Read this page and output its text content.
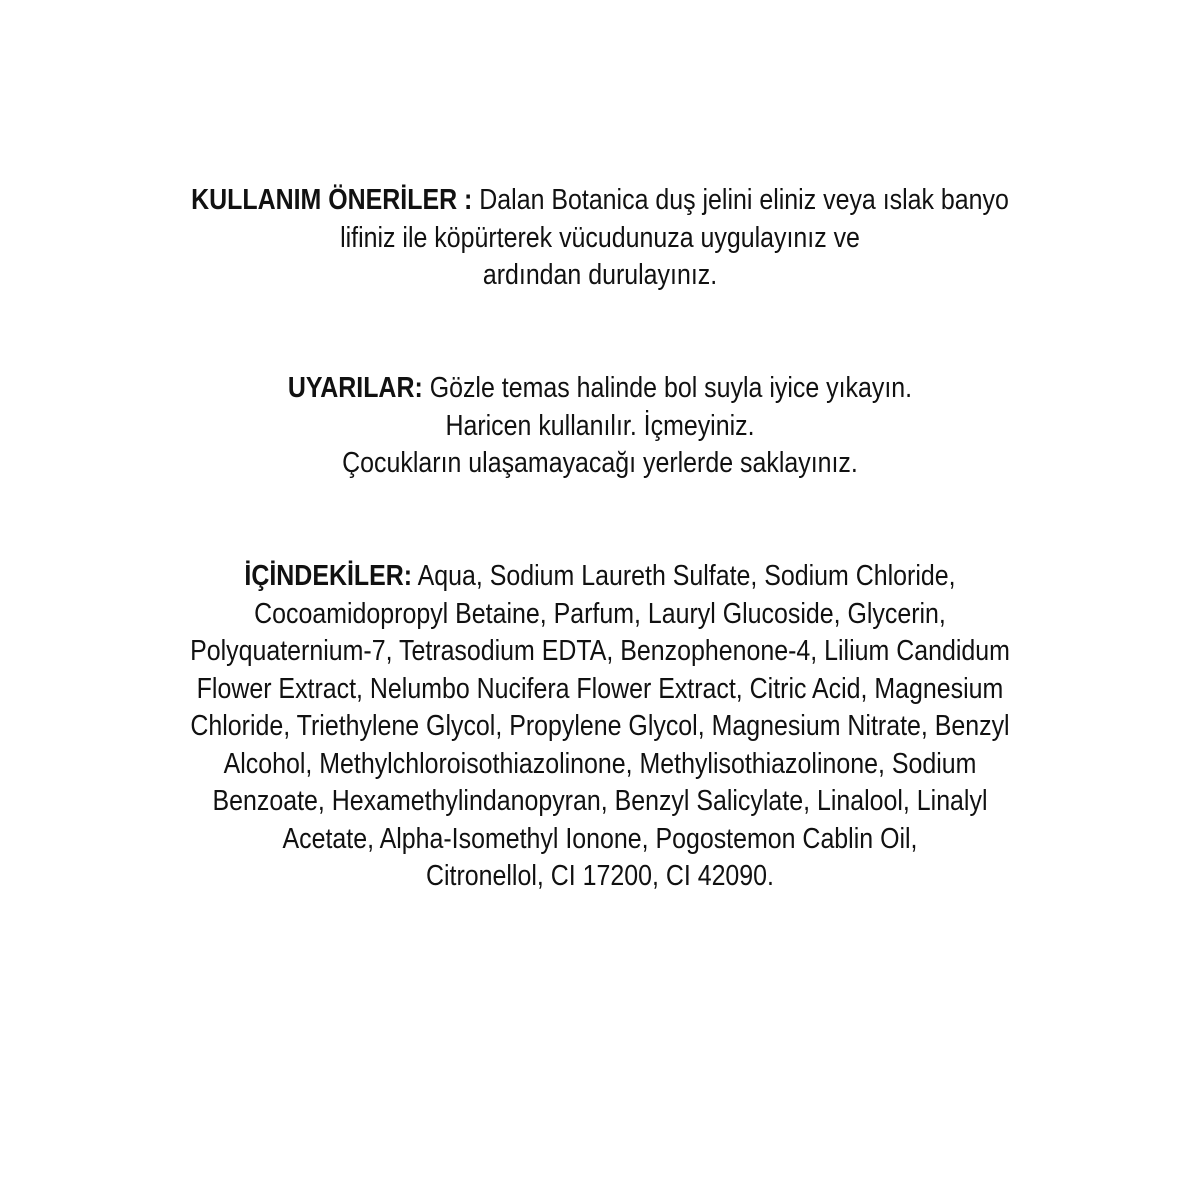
KULLANIM ÖNERİLER : Dalan Botanica duş jelini eliniz veya ıslak banyo
lifiniz ile köpürterek vücudunuza uygulayınız ve
ardından durulayınız.
UYARILAR: Gözle temas halinde bol suyla iyice yıkayın.
Haricen kullanılır. İçmeyiniz.
Çocukların ulaşamayacağı yerlerde saklayınız.
İÇİNDEKİLER: Aqua, Sodium Laureth Sulfate, Sodium Chloride,
Cocoamidopropyl Betaine, Parfum, Lauryl Glucoside, Glycerin,
Polyquaternium-7, Tetrasodium EDTA, Benzophenone-4, Lilium Candidum
Flower Extract, Nelumbo Nucifera Flower Extract, Citric Acid, Magnesium
Chloride, Triethylene Glycol, Propylene Glycol, Magnesium Nitrate, Benzyl
Alcohol, Methylchloroisothiazolinone, Methylisothiazolinone, Sodium
Benzoate, Hexamethylindanopyran, Benzyl Salicylate, Linalool, Linalyl
Acetate, Alpha-Isomethyl Ionone, Pogostemon Cablin Oil,
Citronellol, CI 17200, CI 42090.
